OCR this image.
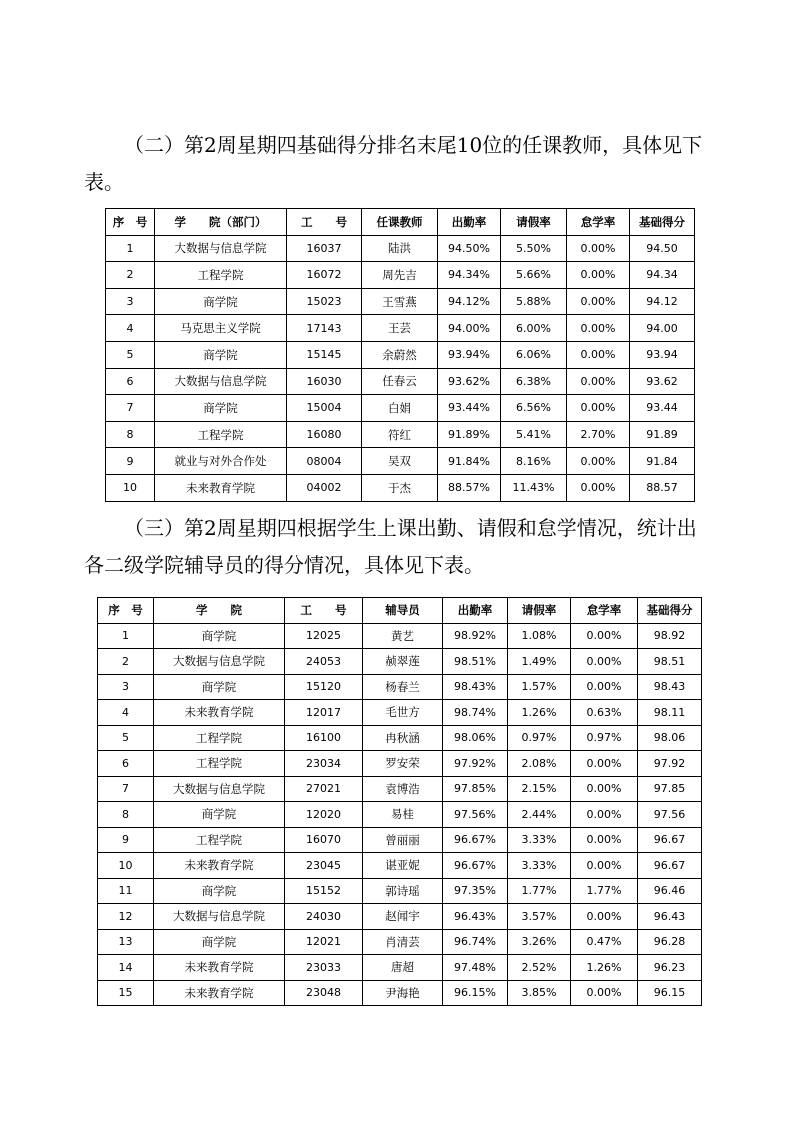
（二）第2周星期四基础得分排名末尾10位的任课教师，具体见下表。

序　号	学　　院（部门）	工　　号	任课教师	出勤率	请假率	怠学率	基础得分
1	大数据与信息学院	16037	陆洪	94.50%	5.50%	0.00%	94.50
2	工程学院	16072	周先吉	94.34%	5.66%	0.00%	94.34
3	商学院	15023	王雪燕	94.12%	5.88%	0.00%	94.12
4	马克思主义学院	17143	王芸	94.00%	6.00%	0.00%	94.00
5	商学院	15145	余蔚然	93.94%	6.06%	0.00%	93.94
6	大数据与信息学院	16030	任春云	93.62%	6.38%	0.00%	93.62
7	商学院	15004	白娟	93.44%	6.56%	0.00%	93.44
8	工程学院	16080	符红	91.89%	5.41%	2.70%	91.89
9	就业与对外合作处	08004	吴双	91.84%	8.16%	0.00%	91.84
10	未来教育学院	04002	于杰	88.57%	11.43%	0.00%	88.57

（三）第2周星期四根据学生上课出勤、请假和怠学情况，统计出各二级学院辅导员的得分情况，具体见下表。

序　号	学　　院	工　　号	辅导员	出勤率	请假率	怠学率	基础得分
1	商学院	12025	黄艺	98.92%	1.08%	0.00%	98.92
2	大数据与信息学院	24053	赪翠莲	98.51%	1.49%	0.00%	98.51
3	商学院	15120	杨春兰	98.43%	1.57%	0.00%	98.43
4	未来教育学院	12017	毛世方	98.74%	1.26%	0.63%	98.11
5	工程学院	16100	冉秋涵	98.06%	0.97%	0.97%	98.06
6	工程学院	23034	罗安荣	97.92%	2.08%	0.00%	97.92
7	大数据与信息学院	27021	袁博浩	97.85%	2.15%	0.00%	97.85
8	商学院	12020	易桂	97.56%	2.44%	0.00%	97.56
9	工程学院	16070	曾丽丽	96.67%	3.33%	0.00%	96.67
10	未来教育学院	23045	谌亚妮	96.67%	3.33%	0.00%	96.67
11	商学院	15152	郭诗瑶	97.35%	1.77%	1.77%	96.46
12	大数据与信息学院	24030	赵闻宇	96.43%	3.57%	0.00%	96.43
13	商学院	12021	肖清芸	96.74%	3.26%	0.47%	96.28
14	未来教育学院	23033	唐超	97.48%	2.52%	1.26%	96.23
15	未来教育学院	23048	尹海艳	96.15%	3.85%	0.00%	96.15
